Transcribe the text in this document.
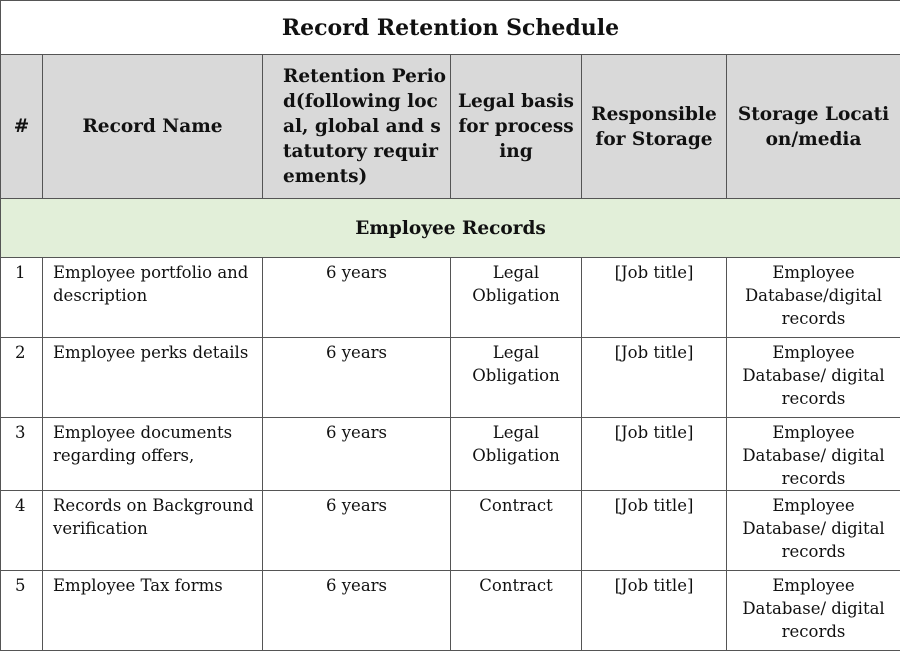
Record Retention Schedule					
#	Record Name	Retention Period(following local, global and statutory requirements)	Legal basis for processing	Responsible for Storage	Storage Location/media
Employee Records					
1	Employee portfolio and description	6 years	Legal Obligation	[Job title]	Employee Database/digital records
2	Employee perks details	6 years	Legal Obligation	[Job title]	Employee Database/ digital records
3	Employee documents regarding offers,	6 years	Legal Obligation	[Job title]	Employee Database/ digital records
4	Records on Background verification	6 years	Contract	[Job title]	Employee Database/ digital records
5	Employee Tax forms	6 years	Contract	[Job title]	Employee Database/ digital records
